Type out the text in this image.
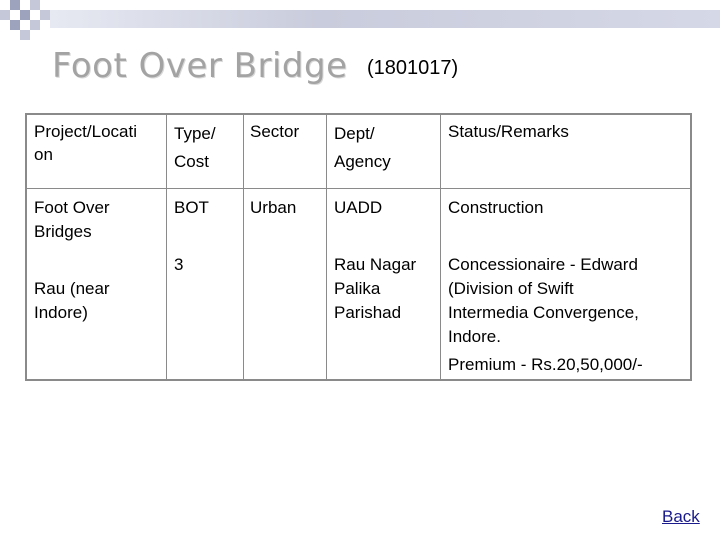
Foot Over Bridge (1801017)
Project/Locati
on
Type/
Cost
Sector Dept/
Agency
Status/Remarks
Foot Over
Bridges
BOT Urban UADD	Construction
3
Rau (near
Indore)
Rau Nagar
Palika
Parishad
Concessionaire - Edward
(Division of Swift
Intermedia Convergence,
Indore.
Premium - Rs.20,50,000/-
Back
